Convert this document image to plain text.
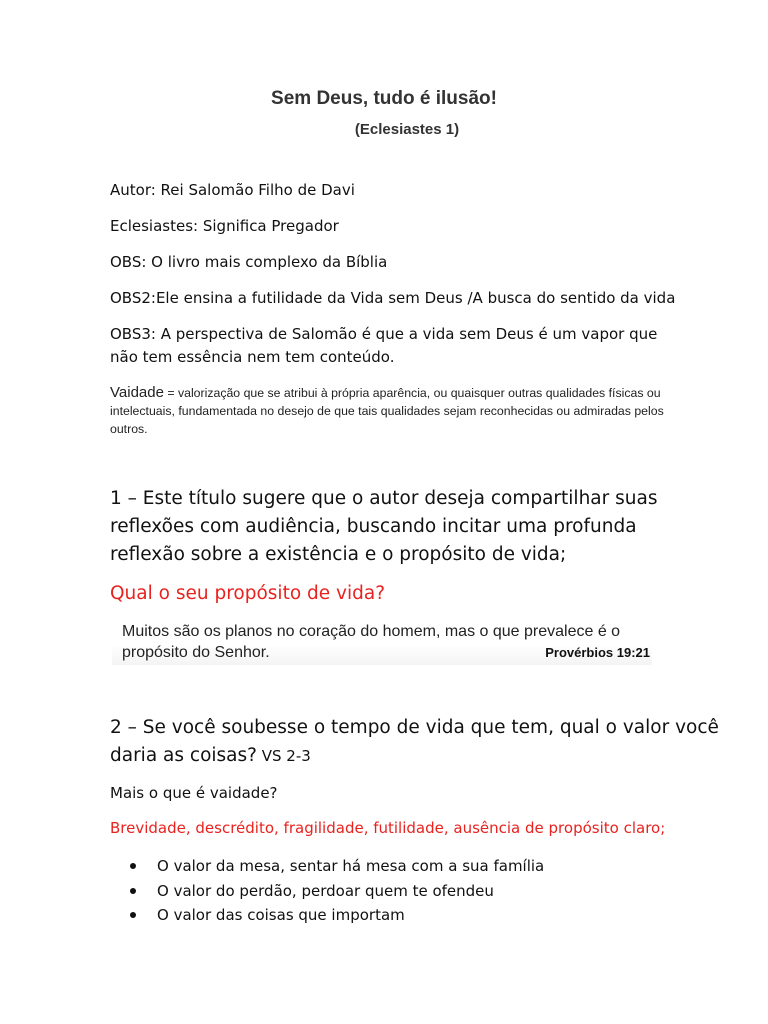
Sem Deus, tudo é ilusão!
(Eclesiastes 1)
Autor: Rei Salomão Filho de Davi
Eclesiastes: Significa Pregador
OBS: O livro mais complexo da Bíblia
OBS2:Ele ensina a futilidade da Vida sem Deus /A busca do sentido da vida
OBS3: A perspectiva de Salomão é que a vida sem Deus é um vapor que
não tem essência nem tem conteúdo.
Vaidade = valorização que se atribui à própria aparência, ou quaisquer outras qualidades físicas ou intelectuais, fundamentada no desejo de que tais qualidades sejam reconhecidas ou admiradas pelos outros.
1 – Este título sugere que o autor deseja compartilhar suas
reflexões com audiência, buscando incitar uma profunda
reflexão sobre a existência e o propósito de vida;
Qual o seu propósito de vida?
Muitos são os planos no coração do homem, mas o que prevalece é o propósito do Senhor.	Provérbios 19:21
2 – Se você soubesse o tempo de vida que tem, qual o valor você
daria as coisas? VS 2-3
Mais o que é vaidade?
Brevidade, descrédito, fragilidade, futilidade, ausência de propósito claro;
O valor da mesa, sentar há mesa com a sua família
O valor do perdão, perdoar quem te ofendeu
O valor das coisas que importam
